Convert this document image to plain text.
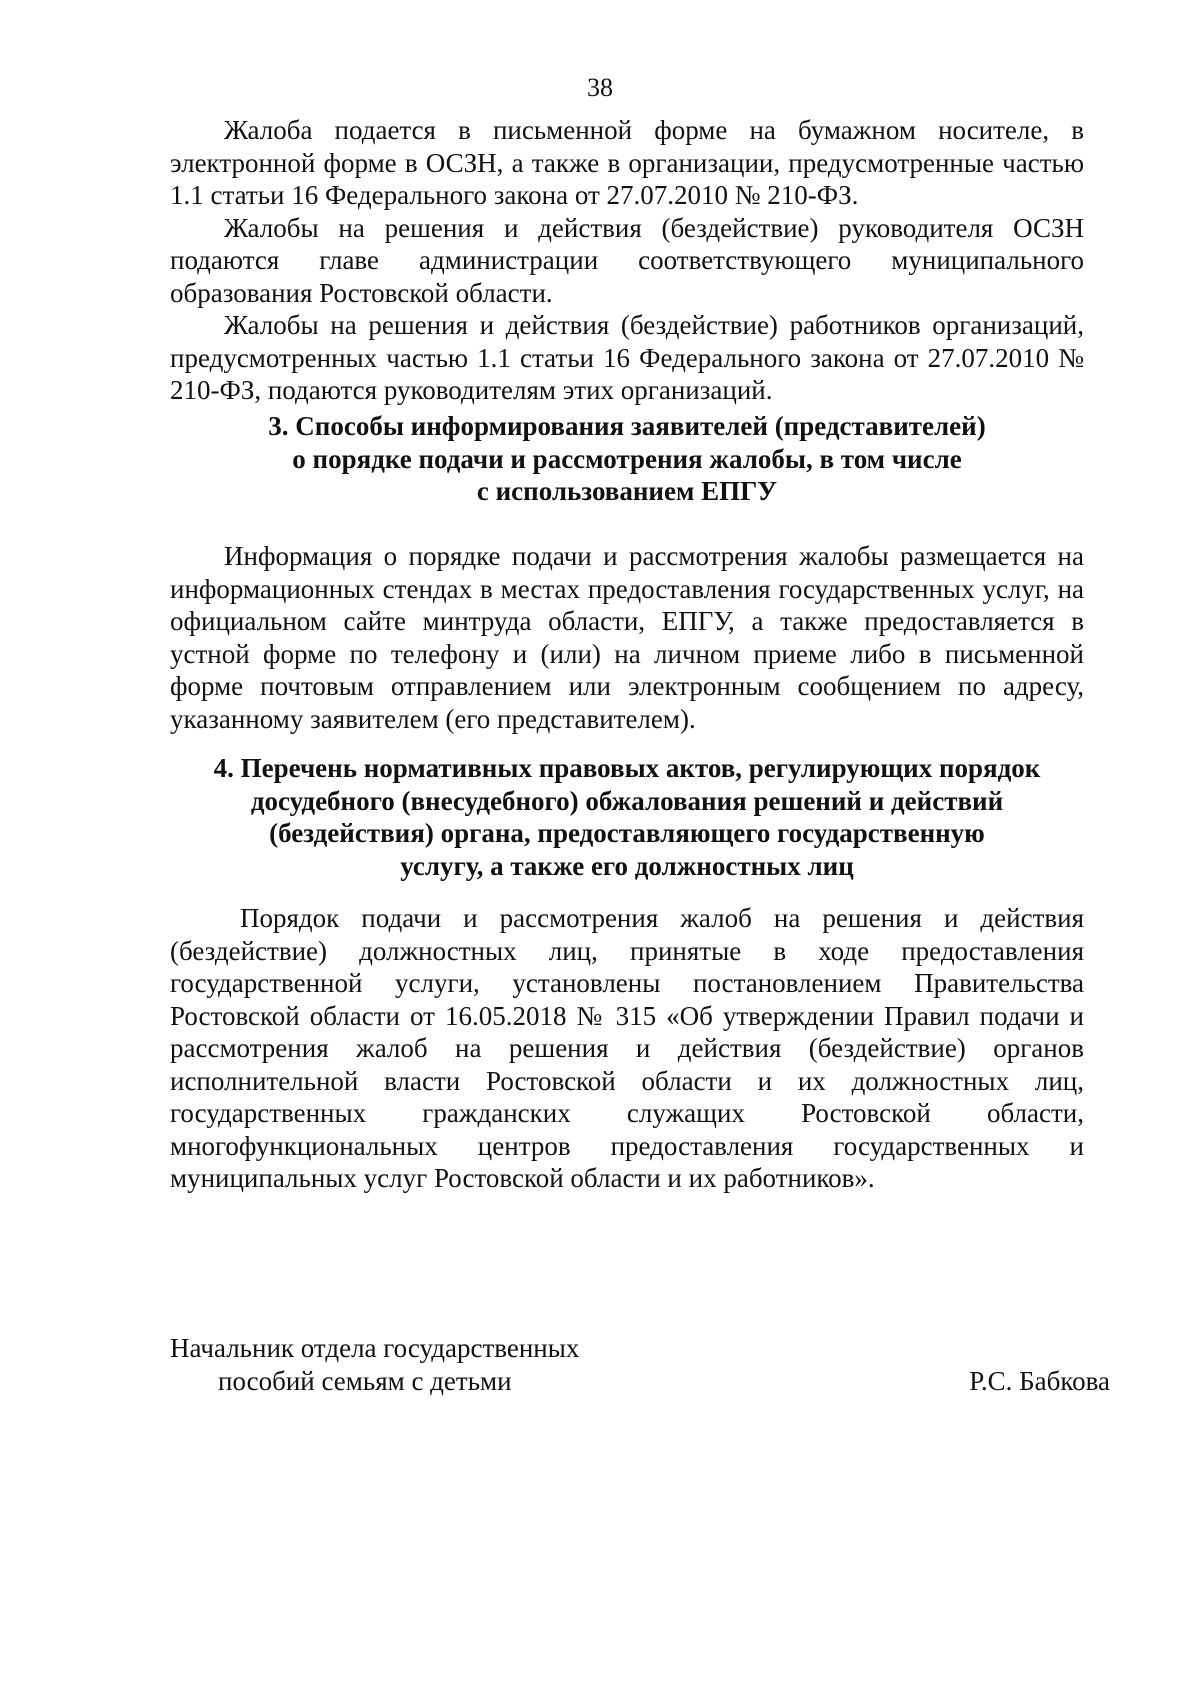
38

Жалоба подается в письменной форме на бумажном носителе, в электронной форме в ОСЗН, а также в организации, предусмотренные частью 1.1 статьи 16 Федерального закона от 27.07.2010 № 210-ФЗ.

Жалобы на решения и действия (бездействие) руководителя ОСЗН подаются главе администрации соответствующего муниципального образования Ростовской области.

Жалобы на решения и действия (бездействие) работников организаций, предусмотренных частью 1.1 статьи 16 Федерального закона от 27.07.2010 № 210-ФЗ, подаются руководителям этих организаций.

3. Способы информирования заявителей (представителей)
о порядке подачи и рассмотрения жалобы, в том числе
с использованием ЕПГУ

Информация о порядке подачи и рассмотрения жалобы размещается на информационных стендах в местах предоставления государственных услуг, на официальном сайте минтруда области, ЕПГУ, а также предоставляется в устной форме по телефону и (или) на личном приеме либо в письменной форме почтовым отправлением или электронным сообщением по адресу, указанному заявителем (его представителем).

4. Перечень нормативных правовых актов, регулирующих порядок
досудебного (внесудебного) обжалования решений и действий
(бездействия) органа, предоставляющего государственную
услугу, а также его должностных лиц

Порядок подачи и рассмотрения жалоб на решения и действия (бездействие) должностных лиц, принятые в ходе предоставления государственной услуги, установлены постановлением Правительства Ростовской области от 16.05.2018 № 315 «Об утверждении Правил подачи и рассмотрения жалоб на решения и действия (бездействие) органов исполнительной власти Ростовской области и их должностных лиц, государственных гражданских служащих Ростовской области, многофункциональных центров предоставления государственных и муниципальных услуг Ростовской области и их работников».

Начальник отдела государственных
пособий семьям с детьми	Р.С. Бабкова
